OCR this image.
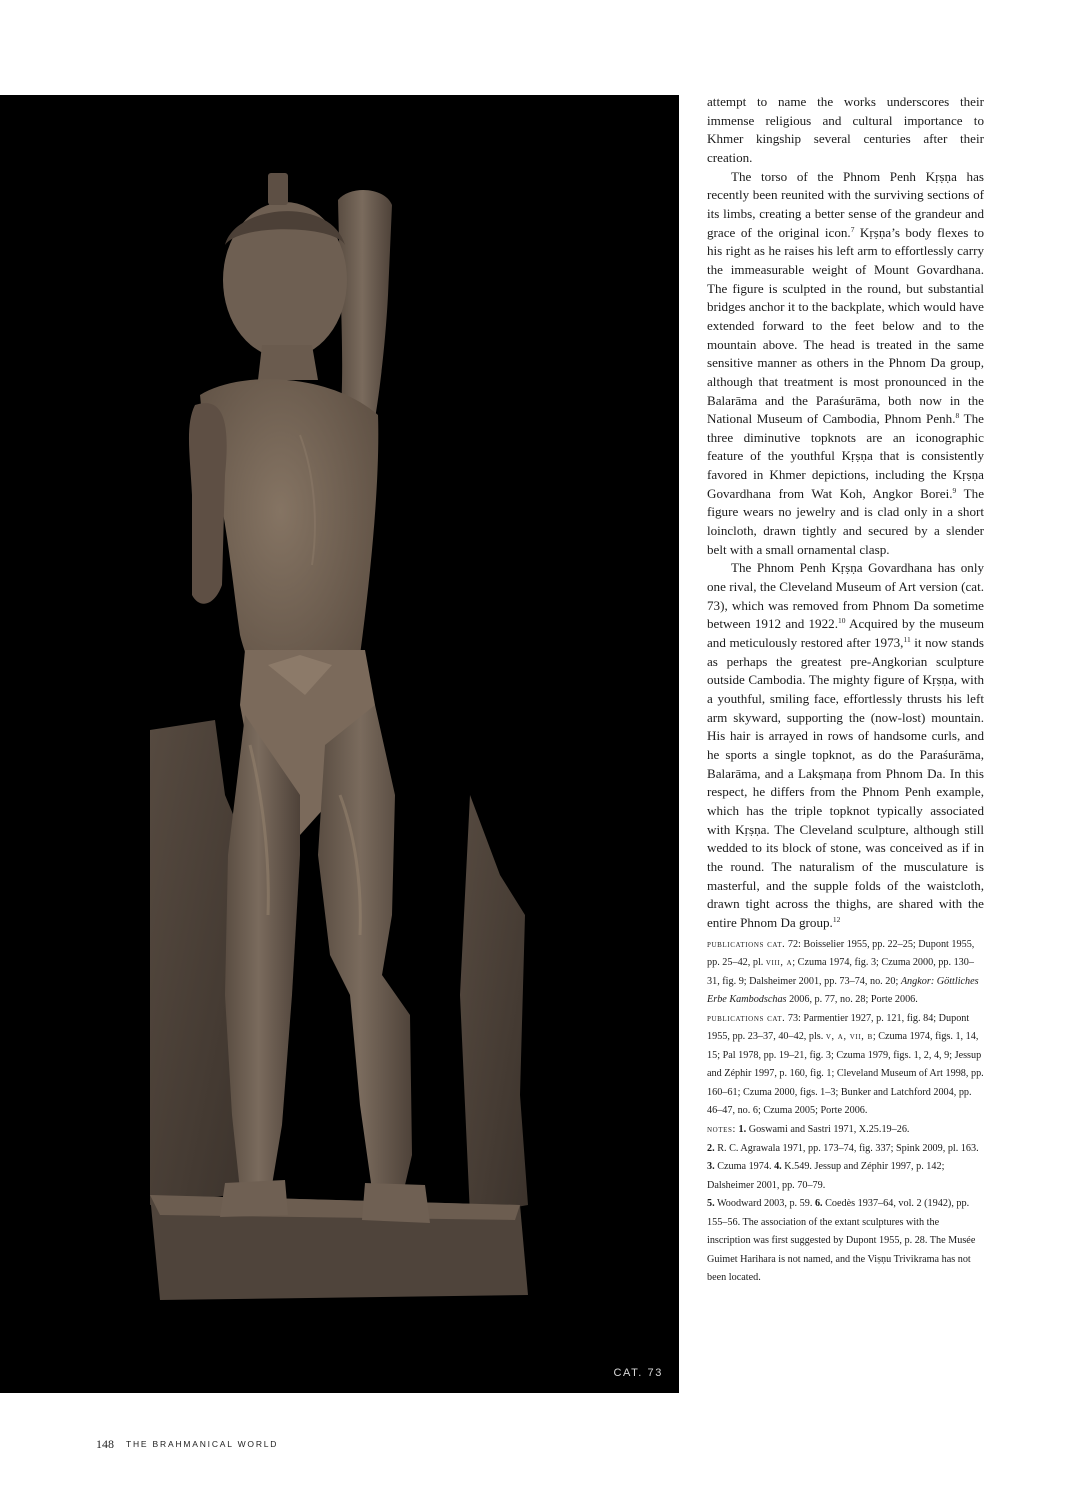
CAT. 73

attempt to name the works underscores their immense religious and cultural importance to Khmer kingship several centuries after their creation.

The torso of the Phnom Penh Kṛṣṇa has recently been reunited with the surviving sections of its limbs, creating a better sense of the grandeur and grace of the original icon.$^7$ Kṛṣṇa’s body flexes to his right as he raises his left arm to effortlessly carry the immeasurable weight of Mount Govardhana. The figure is sculpted in the round, but substantial bridges anchor it to the backplate, which would have extended forward to the feet below and to the mountain above. The head is treated in the same sensitive manner as others in the Phnom Da group, although that treatment is most pronounced in the Balarāma and the Paraśurāma, both now in the National Museum of Cambodia, Phnom Penh.$^8$ The three diminutive topknots are an iconographic feature of the youthful Kṛṣṇa that is consistently favored in Khmer depictions, including the Kṛṣṇa Govardhana from Wat Koh, Angkor Borei.$^9$ The figure wears no jewelry and is clad only in a short loincloth, drawn tightly and secured by a slender belt with a small ornamental clasp.

The Phnom Penh Kṛṣṇa Govardhana has only one rival, the Cleveland Museum of Art version (cat. 73), which was removed from Phnom Da sometime between 1912 and 1922.10 Acquired by the museum and meticulously restored after 1973,11 it now stands as perhaps the greatest pre-Angkorian sculpture outside Cambodia. The mighty figure of Kṛṣṇa, with a youthful, smiling face, effortlessly thrusts his left arm skyward, supporting the (now-lost) mountain. His hair is arrayed in rows of handsome curls, and he sports a single topknot, as do the Paraśurāma, Balarāma, and a Lakṣmaṇa from Phnom Da. In this respect, he differs from the Phnom Penh example, which has the triple topknot typically associated with Kṛṣṇa. The Cleveland sculpture, although still wedded to its block of stone, was conceived as if in the round. The naturalism of the musculature is masterful, and the supple folds of the waistcloth, drawn tight across the thighs, are shared with the entire Phnom Da group.$^{12}$

publications cat. 72: Boisselier 1955, pp. 22–25; Dupont 1955, pp. 25–42, pl. viii, a; Czuma 1974, fig. 3; Czuma 2000, pp. 130–31, fig. 9; Dalsheimer 2001, pp. 73–74, no. 20; Angkor: Göttliches Erbe Kambodschas 2006, p. 77, no. 28; Porte 2006.

publications cat. 73: Parmentier 1927, p. 121, fig. 84; Dupont 1955, pp. 23–37, 40–42, pls. v, a, vii, b; Czuma 1974, figs. 1, 14, 15; Pal 1978, pp. 19–21, fig. 3; Czuma 1979, figs. 1, 2, 4, 9; Jessup and Zéphir 1997, p. 160, fig. 1; Cleveland Museum of Art 1998, pp. 160–61; Czuma 2000, figs. 1–3; Bunker and Latchford 2004, pp. 46–47, no. 6; Czuma 2005; Porte 2006.

notes: 1. Goswami and Sastri 1971, X.25.19–26.
2. R. C. Agrawala 1971, pp. 173–74, fig. 337; Spink 2009, pl. 163. 3. Czuma 1974. 4. K.549. Jessup and Zéphir 1997, p. 142; Dalsheimer 2001, pp. 70–79.
5. Woodward 2003, p. 59. 6. Coedès 1937–64, vol. 2 (1942), pp. 155–56. The association of the extant sculptures with the inscription was first suggested by Dupont 1955, p. 28. The Musée Guimet Harihara is not named, and the Viṣṇu Trivikrama has not been located.

148 THE BRAHMANICAL WORLD
